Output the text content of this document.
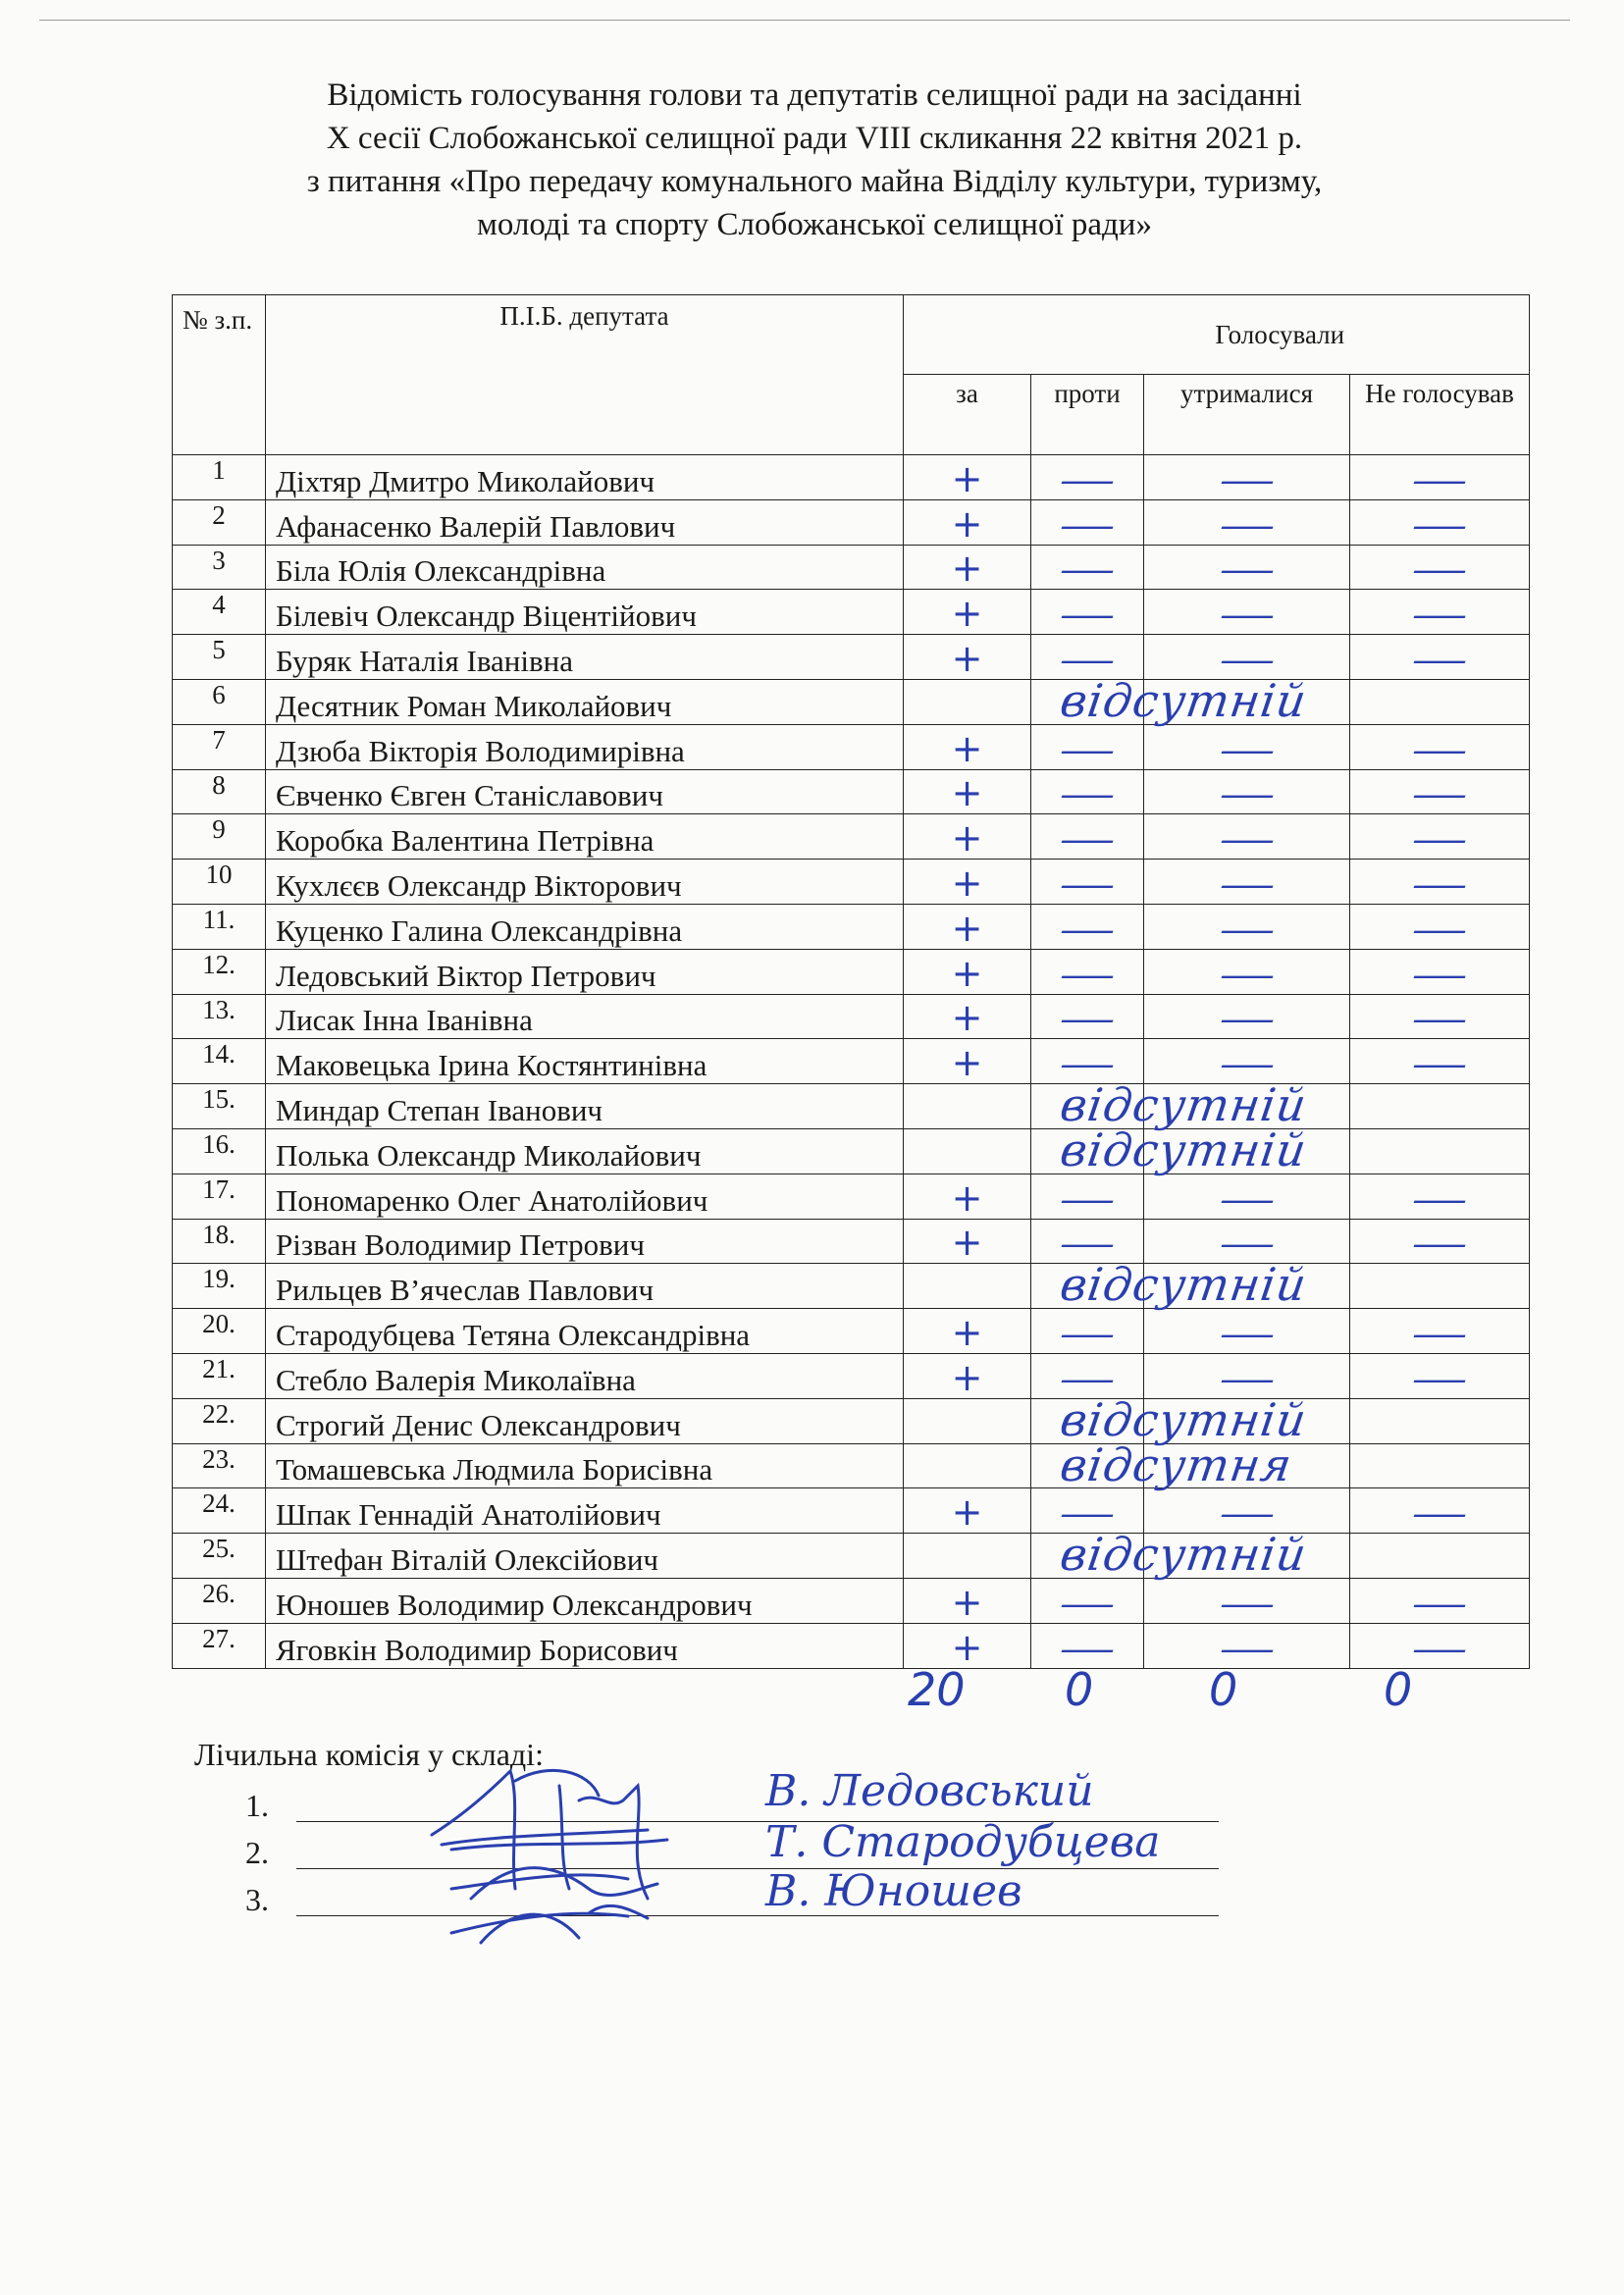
Відомість голосування голови та депутатів селищної ради на засіданні
X сесії Слобожанської селищної ради VIII скликання 22 квітня 2021 р.
з питання «Про передачу комунального майна Відділу культури, туризму,
молоді та спорту Слобожанської селищної ради»
№ з.п.	П.І.Б. депутата		Голосували		
		за	проти	утрималися	Не голосував
1	Діхтяр Дмитро Миколайович	+	—	—	—
2	Афанасенко Валерій Павлович	+	—	—	—
3	Біла Юлія Олександрівна	+	—	—	—
4	Білевіч Олександр Віцентійович	+	—	—	—
5	Буряк Наталія Іванівна	+	—	—	—
6	Десятник Роман Миколайович	відсутній			

7	Дзюба Вікторія Володимирівна	+	—	—	—
8	Євченко Євген Станіславович	+	—	—	—
9	Коробка Валентина Петрівна	+	—	—	—
10	Кухлєєв Олександр Вікторович	+	—	—	—
11.	Куценко Галина Олександрівна	+	—	—	—
12.	Ледовський Віктор Петрович	+	—	—	—
13.	Лисак Інна Іванівна	+	—	—	—
14.	Маковецька Ірина Костянтинівна	+	—	—	—
15.	Миндар Степан Іванович	відсутній			

16.	Полька Олександр Миколайович	відсутній			

17.	Пономаренко Олег Анатолійович	+	—	—	—
18.	Різван Володимир Петрович	+	—	—	—
19.	Рильцев В’ячеслав Павлович	відсутній			

20.	Стародубцева Тетяна Олександрівна	+	—	—	—
21.	Стебло Валерія Миколаївна	+	—	—	—
22.	Строгий Денис Олександрович	відсутній			

23.	Томашевська Людмила Борисівна	відсутня			

24.	Шпак Геннадій Анатолійович	+	—	—	—
25.	Штефан Віталій Олексійович	відсутній			

26.	Юношев Володимир Олександрович	+	—	—	—
27.	Яговкін Володимир Борисович	+	—	—	—
20 0	0	0
Лічильна комісія у складі:
1.
2.
3.
В. Ледовський
Т. Стародубцева
В. Юношев
